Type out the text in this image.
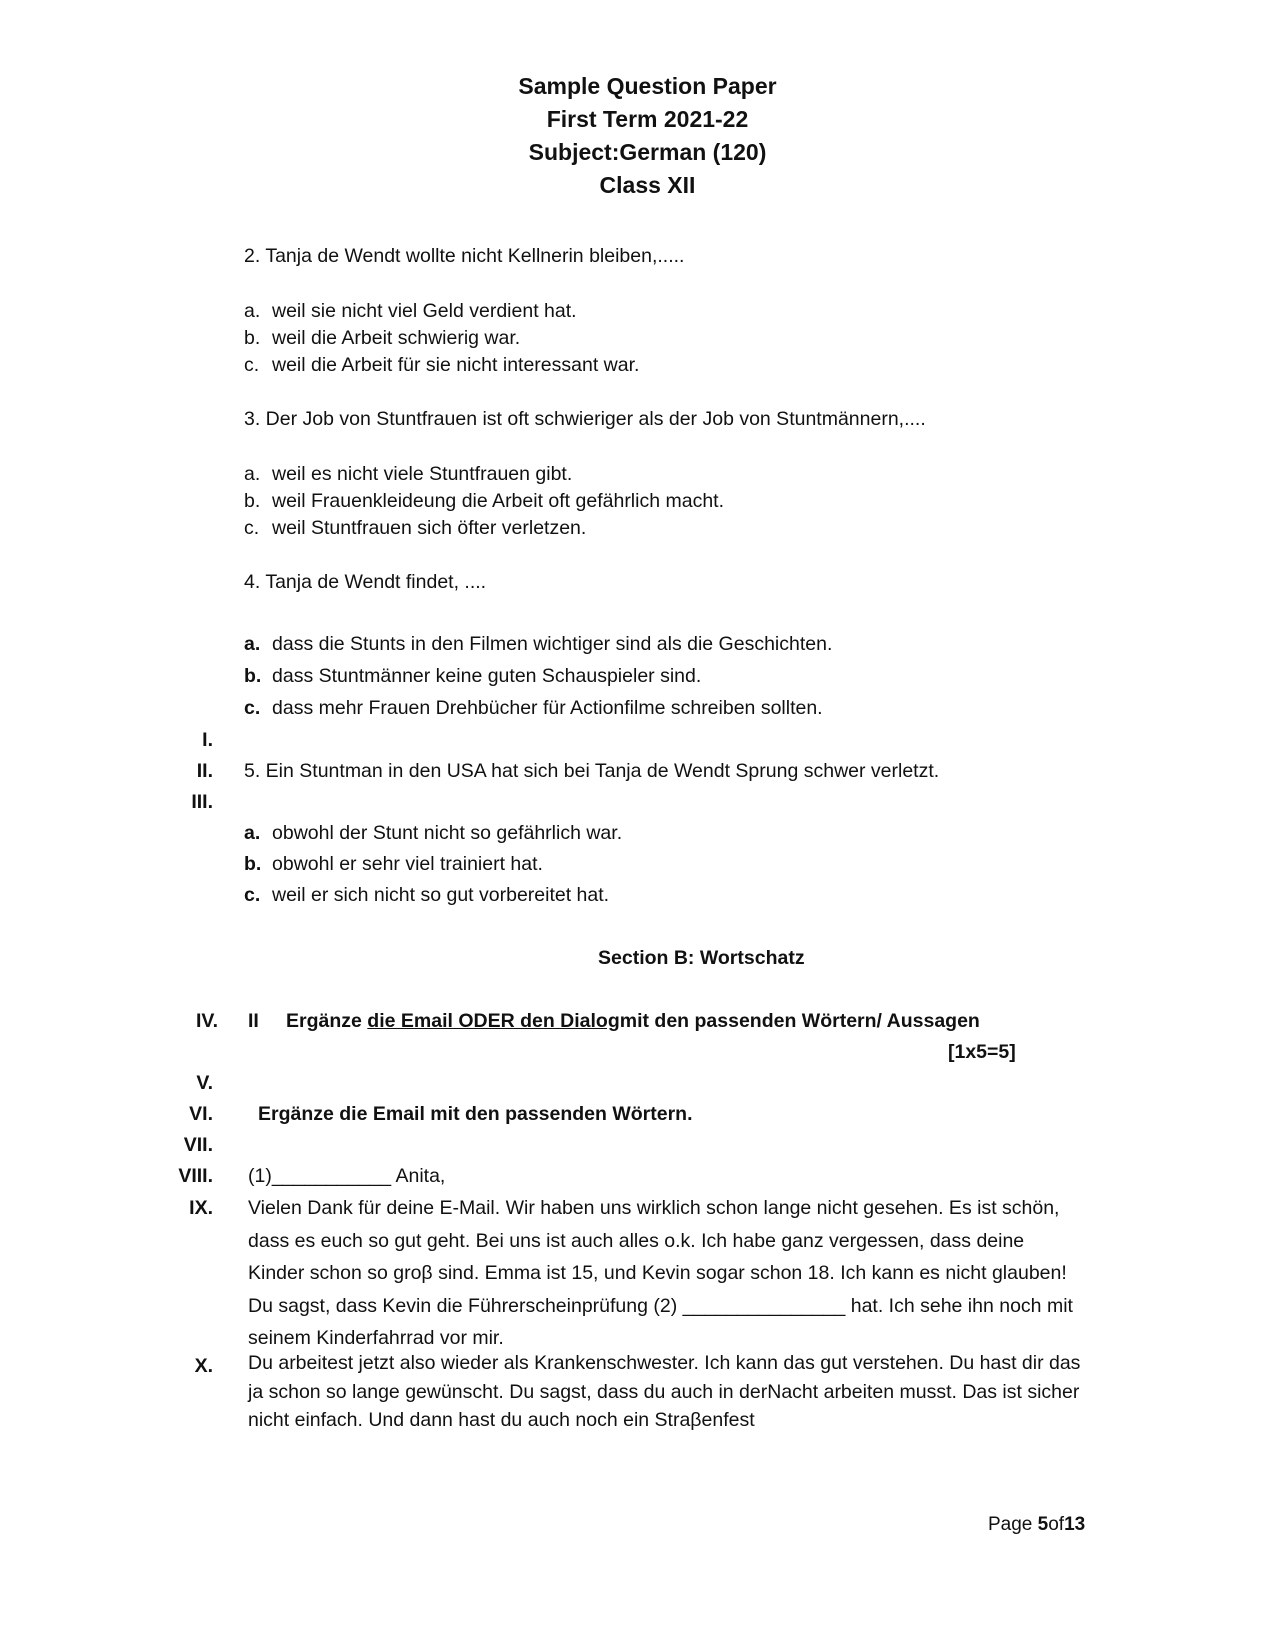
Sample Question Paper
First Term 2021-22
Subject:German (120)
Class XII
2. Tanja de Wendt wollte nicht Kellnerin bleiben,.....
a. weil sie nicht viel Geld verdient hat.
b. weil die Arbeit schwierig war.
c. weil die Arbeit für sie nicht interessant war.
3. Der Job von Stuntfrauen ist oft schwieriger als der Job von Stuntmännern,....
a. weil es nicht viele Stuntfrauen gibt.
b. weil Frauenkleideung die Arbeit oft gefährlich macht.
c. weil Stuntfrauen sich öfter verletzen.
4. Tanja de Wendt findet, ....
a. dass die Stunts in den Filmen wichtiger sind als die Geschichten.
b. dass Stuntmänner keine guten Schauspieler sind.
c. dass mehr Frauen Drehbücher für Actionfilme schreiben sollten.
I.
II.
III.
5. Ein Stuntman in den USA hat sich bei Tanja de Wendt Sprung schwer verletzt.
a. obwohl der Stunt nicht so gefährlich war.
b. obwohl er sehr viel trainiert hat.
c. weil er sich nicht so gut vorbereitet hat.
Section B: Wortschatz
IV. II Ergänze die Email ODER den Dialogmit den passenden Wörtern/ Aussagen
[1x5=5]
V.
VI. Ergänze die Email mit den passenden Wörtern.
VII.
VIII. (1)___________ Anita,
IX. Vielen Dank für deine E-Mail. Wir haben uns wirklich schon lange nicht gesehen. Es ist schön, dass es euch so gut geht. Bei uns ist auch alles o.k. Ich habe ganz vergessen, dass deine Kinder schon so groβ sind. Emma ist 15, und Kevin sogar schon 18. Ich kann es nicht glauben! Du sagst, dass Kevin die Führerscheinprüfung (2) _______________ hat. Ich sehe ihn noch mit seinem Kinderfahrrad vor mir.
X. Du arbeitest jetzt also wieder als Krankenschwester. Ich kann das gut verstehen. Du hast dir das ja schon so lange gewünscht. Du sagst, dass du auch in derNacht arbeiten musst. Das ist sicher nicht einfach. Und dann hast du auch noch ein Straβenfest
Page 5of13
